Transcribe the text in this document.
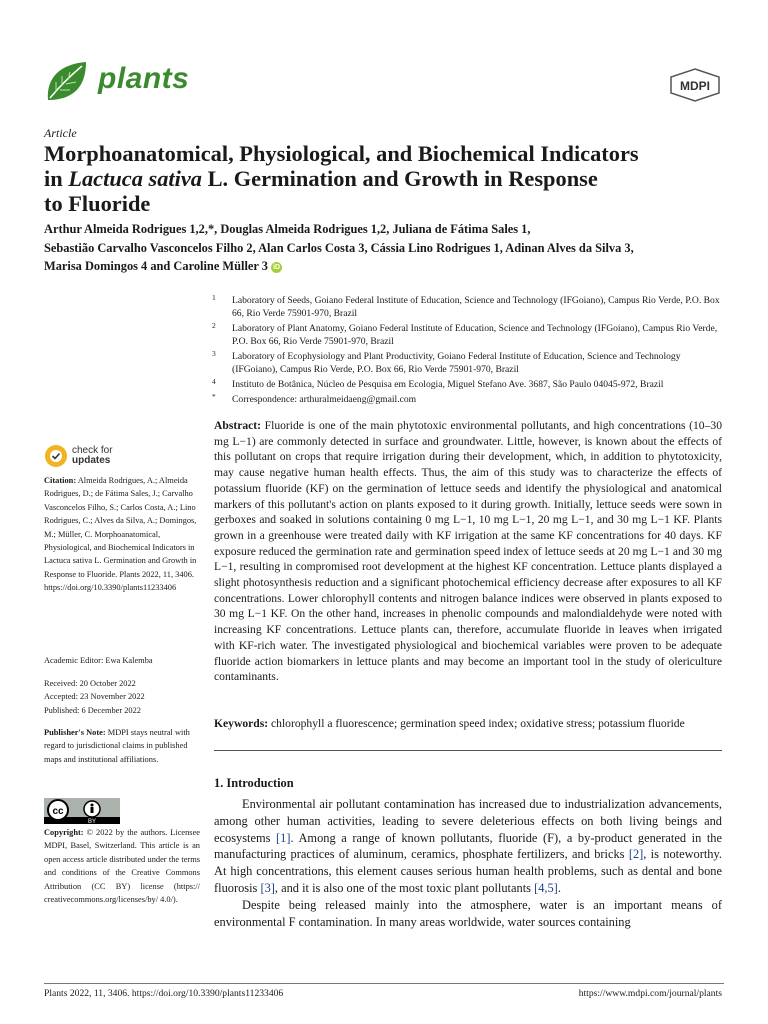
plants	MDPI
Article
Morphoanatomical, Physiological, and Biochemical Indicators
in Lactuca sativa L. Germination and Growth in Response
to Fluoride
Arthur Almeida Rodrigues 1,2,*, Douglas Almeida Rodrigues 1,2, Juliana de Fátima Sales 1,
Sebastião Carvalho Vasconcelos Filho 2, Alan Carlos Costa 3, Cássia Lino Rodrigues 1, Adinan Alves da Silva 3,
Marisa Domingos 4 and Caroline Müller 3 iD
1 Laboratory of Seeds, Goiano Federal Institute of Education, Science and Technology (IFGoiano), Campus Rio Verde, P.O. Box 66, Rio Verde 75901-970, Brazil
2 Laboratory of Plant Anatomy, Goiano Federal Institute of Education, Science and Technology (IFGoiano), Campus Rio Verde, P.O. Box 66, Rio Verde 75901-970, Brazil
3 Laboratory of Ecophysiology and Plant Productivity, Goiano Federal Institute of Education, Science and Technology (IFGoiano), Campus Rio Verde, P.O. Box 66, Rio Verde 75901-970, Brazil
4 Instituto de Botânica, Núcleo de Pesquisa em Ecologia, Miguel Stefano Ave. 3687, São Paulo 04045-972, Brazil
* Correspondence: arthuralmeidaeng@gmail.com
Abstract: Fluoride is one of the main phytotoxic environmental pollutants, and high concentrations (10–30 mg L−1) are commonly detected in surface and groundwater. Little, however, is known about the effects of this pollutant on crops that require irrigation during their development, which, in addition to phytotoxicity, may cause negative human health effects. Thus, the aim of this study was to characterize the effects of potassium fluoride (KF) on the germination of lettuce seeds and identify the physiological and anatomical markers of this pollutant's action on plants exposed to it during growth. Initially, lettuce seeds were sown in gerboxes and soaked in solutions containing 0 mg L−1, 10 mg L−1, 20 mg L−1, and 30 mg L−1 KF. Plants grown in a greenhouse were treated daily with KF irrigation at the same KF concentrations for 40 days. KF exposure reduced the germination rate and germination speed index of lettuce seeds at 20 mg L−1 and 30 mg L−1, resulting in compromised root development at the highest KF concentration. Lettuce plants displayed a slight photosynthesis reduction and a significant photochemical efficiency decrease after exposures to all KF concentrations. Lower chlorophyll contents and nitrogen balance indices were observed in plants exposed to 30 mg L−1 KF. On the other hand, increases in phenolic compounds and malondialdehyde were noted with increasing KF concentrations. Lettuce plants can, therefore, accumulate fluoride in leaves when irrigated with KF-rich water. The investigated physiological and biochemical variables were proven to be adequate fluoride action biomarkers in lettuce plants and may become an important tool in the study of olericulture contaminants.
Keywords: chlorophyll a fluorescence; germination speed index; oxidative stress; potassium fluoride
1. Introduction

Environmental air pollutant contamination has increased due to industrialization advancements, among other human activities, leading to severe deleterious effects on both living beings and ecosystems [1]. Among a range of known pollutants, fluoride (F), a by-product generated in the manufacturing practices of aluminum, ceramics, phosphate fertilizers, and bricks [2], is noteworthy. At high concentrations, this element causes serious human health problems, such as dental and bone fluorosis [3], and it is also one of the most toxic plant pollutants [4,5].

Despite being released mainly into the atmosphere, water is an important means of environmental F contamination. In many areas worldwide, water sources containing

check for
updates
Citation: Almeida Rodrigues, A.; Almeida Rodrigues, D.; de Fátima Sales, J.; Carvalho Vasconcelos Filho, S.; Carlos Costa, A.; Lino Rodrigues, C.; Alves da Silva, A.; Domingos, M.; Müller, C. Morphoanatomical, Physiological, and Biochemical Indicators in Lactuca sativa L. Germination and Growth in Response to Fluoride. Plants 2022, 11, 3406. https://doi.org/10.3390/plants11233406
Academic Editor: Ewa Kalemba
Received: 20 October 2022
Accepted: 23 November 2022
Published: 6 December 2022
Publisher's Note: MDPI stays neutral with regard to jurisdictional claims in published maps and institutional affiliations.
cc
BY
Copyright: © 2022 by the authors. Licensee MDPI, Basel, Switzerland. This article is an open access article distributed under the terms and conditions of the Creative Commons Attribution (CC BY) license (https:// creativecommons.org/licenses/by/ 4.0/).
Plants 2022, 11, 3406. https://doi.org/10.3390/plants11233406	https://www.mdpi.com/journal/plants
